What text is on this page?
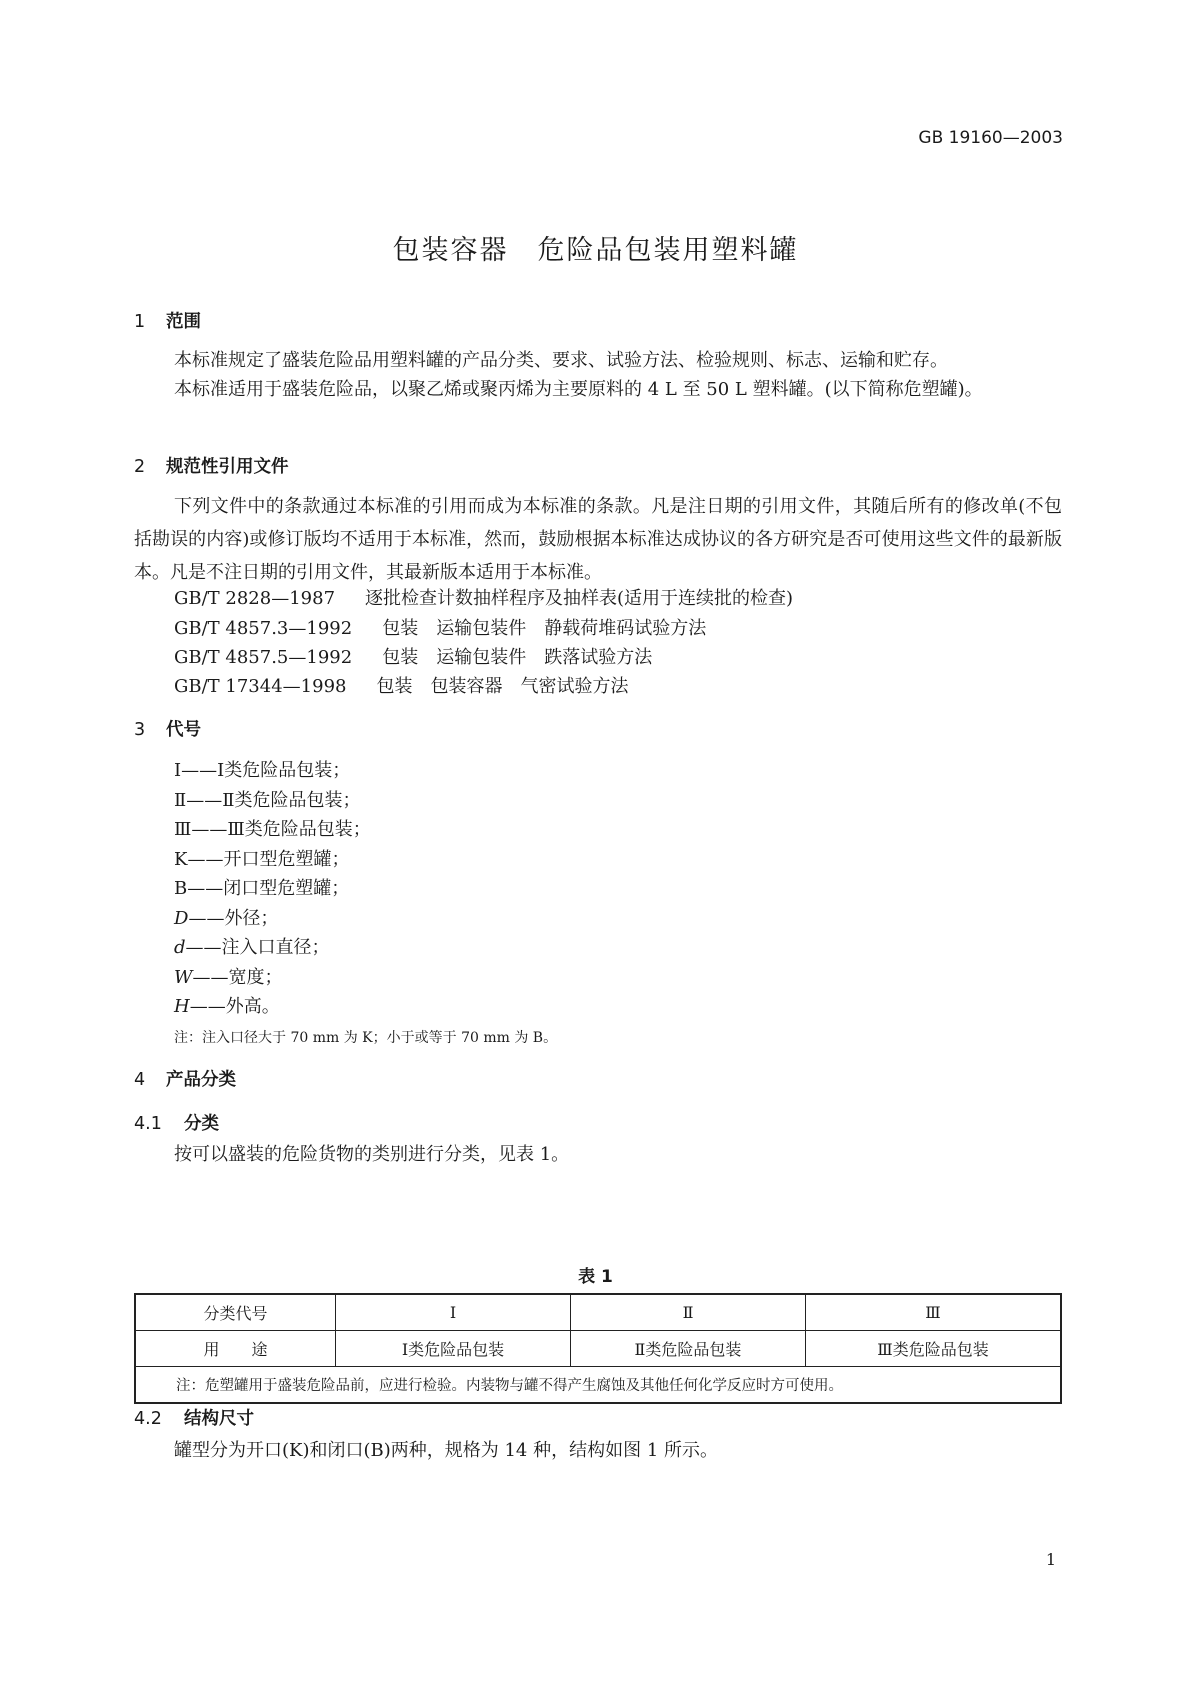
GB 19160—2003
包装容器　危险品包装用塑料罐
1 范围
本标准规定了盛装危险品用塑料罐的产品分类、要求、试验方法、检验规则、标志、运输和贮存。
本标准适用于盛装危险品，以聚乙烯或聚丙烯为主要原料的 4 L 至 50 L 塑料罐。(以下简称危塑罐)。
2 规范性引用文件
下列文件中的条款通过本标准的引用而成为本标准的条款。凡是注日期的引用文件，其随后所有的修改单(不包括勘误的内容)或修订版均不适用于本标准，然而，鼓励根据本标准达成协议的各方研究是否可使用这些文件的最新版本。凡是不注日期的引用文件，其最新版本适用于本标准。
GB/T 2828—1987 逐批检查计数抽样程序及抽样表(适用于连续批的检查)
GB/T 4857.3—1992 包装　运输包装件　静载荷堆码试验方法
GB/T 4857.5—1992 包装　运输包装件　跌落试验方法
GB/T 17344—1998 包装　包装容器　气密试验方法
3 代号
Ⅰ——Ⅰ类危险品包装；
Ⅱ——Ⅱ类危险品包装；
Ⅲ——Ⅲ类危险品包装；
K——开口型危塑罐；
B——闭口型危塑罐；
D——外径；
d——注入口直径；
W——宽度；
H——外高。
注：注入口径大于 70 mm 为 K；小于或等于 70 mm 为 B。
4 产品分类
4.1 分类
按可以盛装的危险货物的类别进行分类，见表 1。
表 1
分类代号	Ⅰ	Ⅱ	Ⅲ
用　　途	Ⅰ类危险品包装	Ⅱ类危险品包装	Ⅲ类危险品包装
注：危塑罐用于盛装危险品前，应进行检验。内装物与罐不得产生腐蚀及其他任何化学反应时方可使用。			
4.2 结构尺寸
罐型分为开口(K)和闭口(B)两种，规格为 14 种，结构如图 1 所示。
1
